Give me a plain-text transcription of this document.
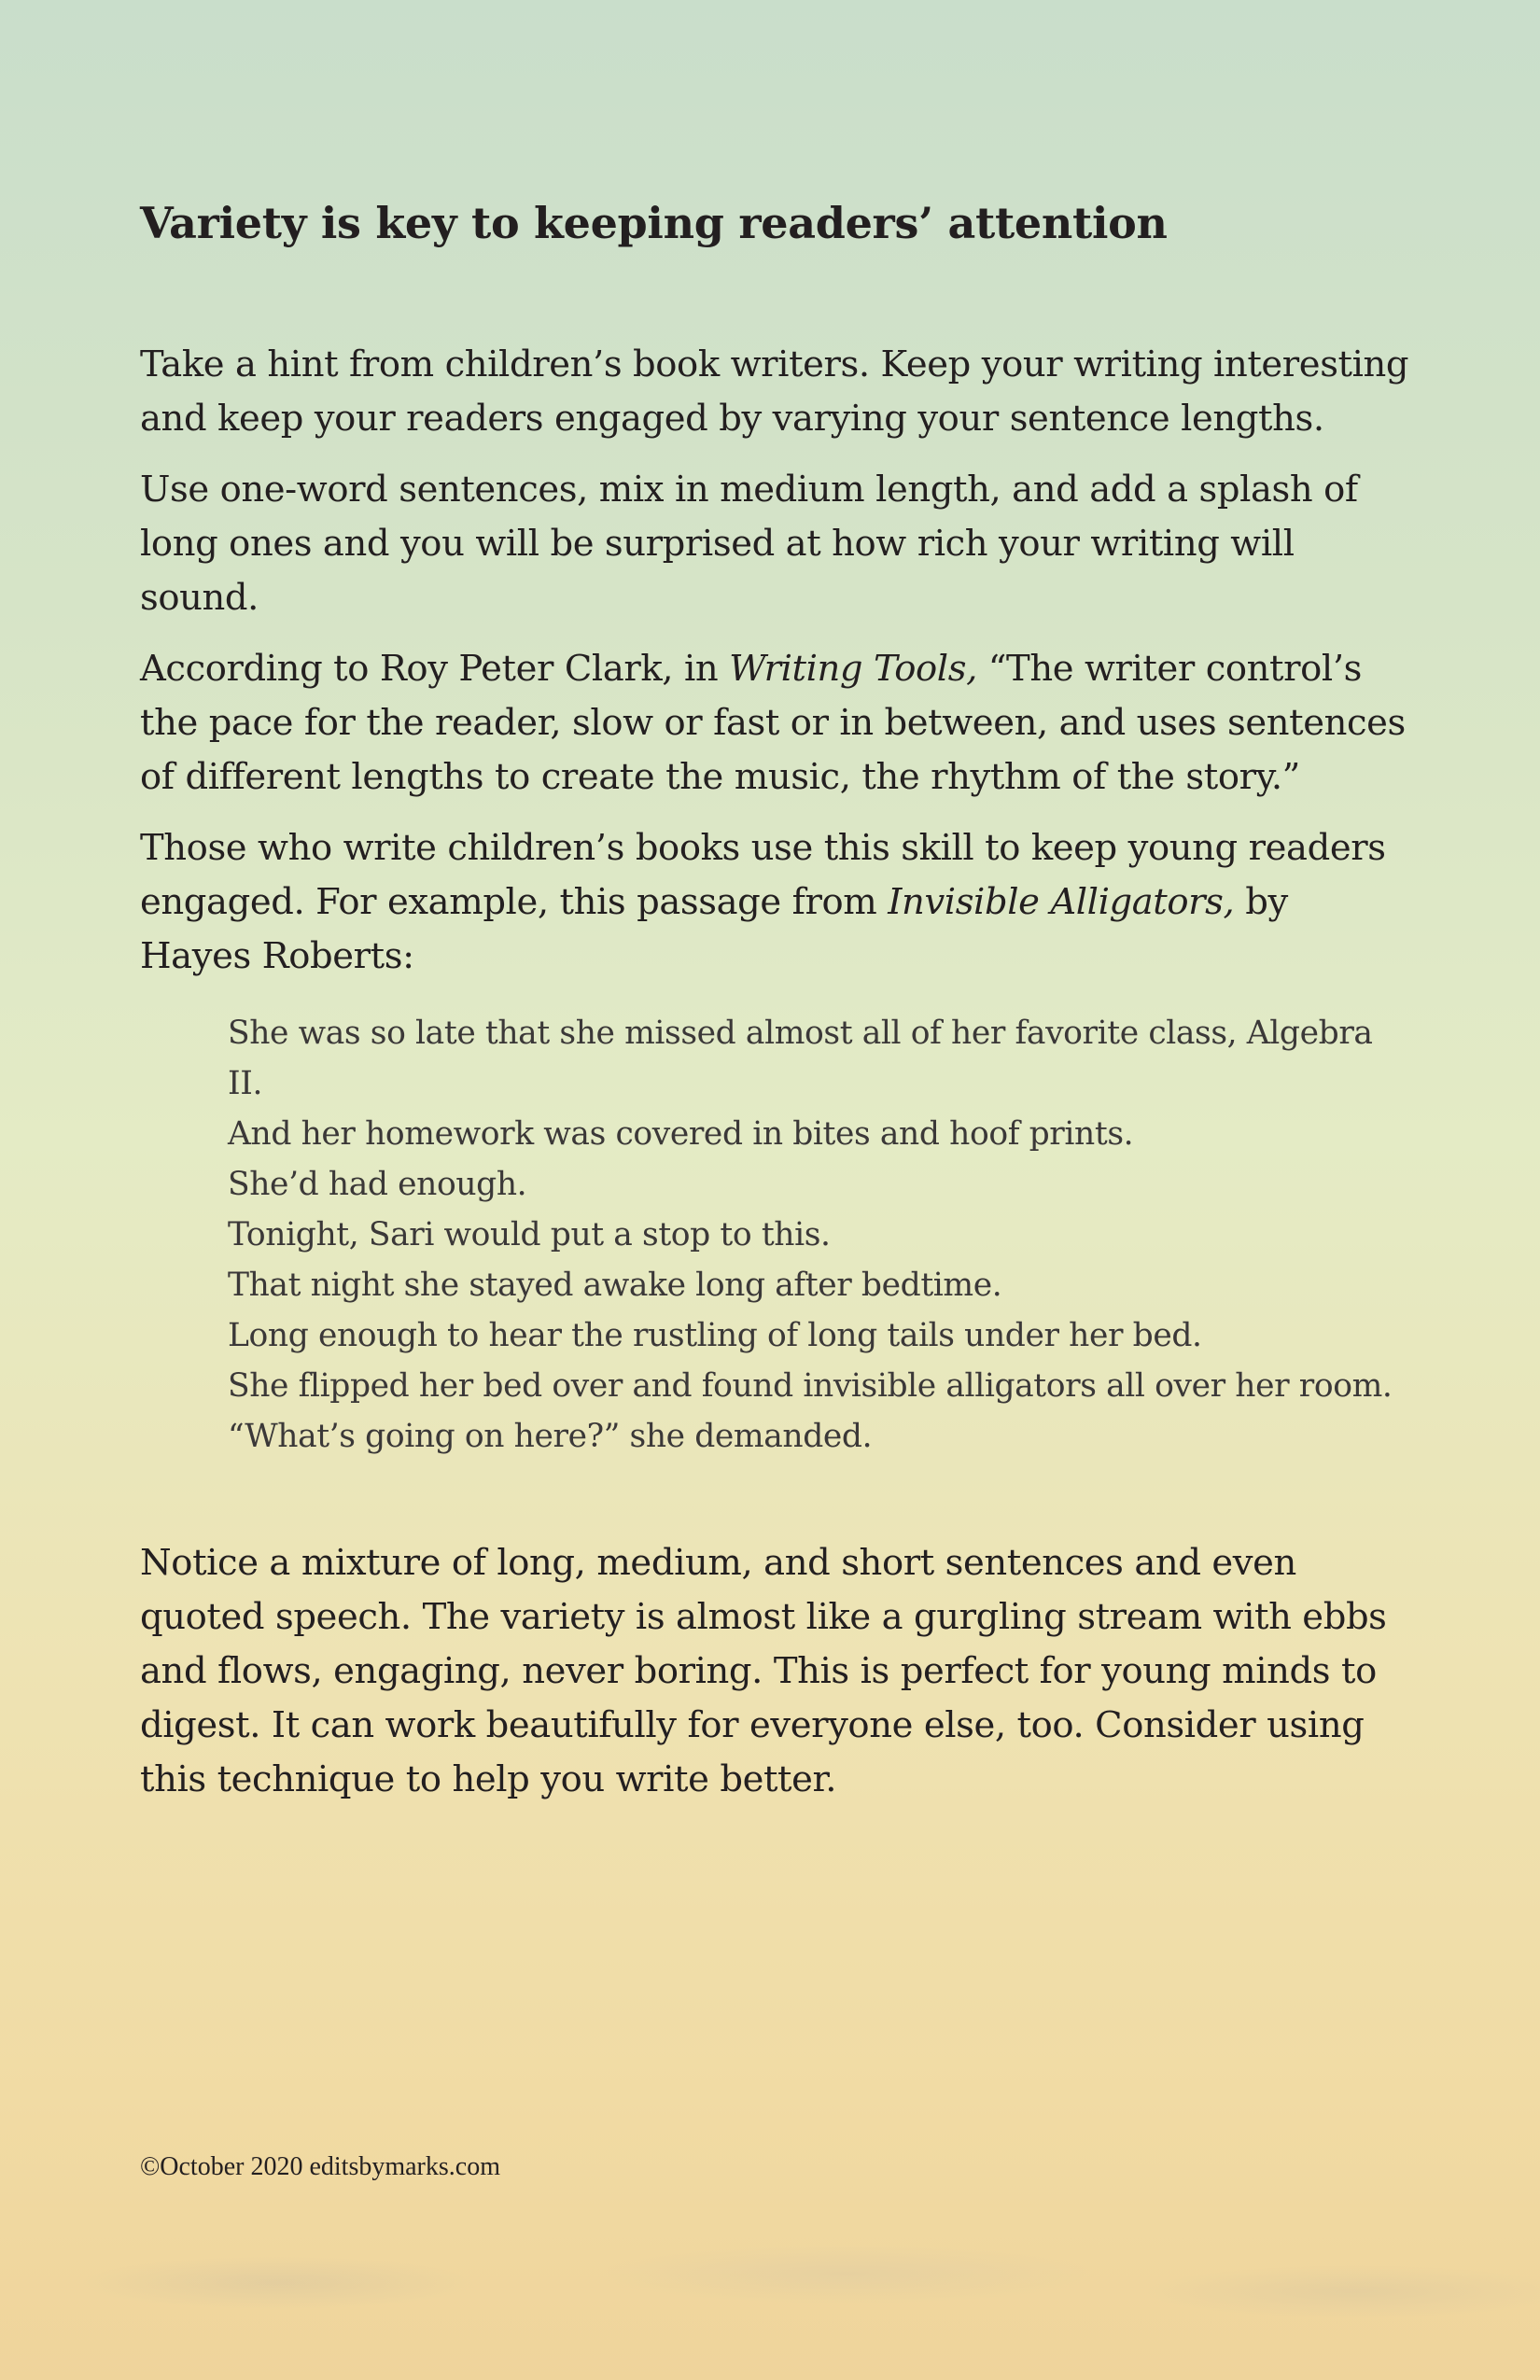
Variety is key to keeping readers’ attention

Take a hint from children’s book writers. Keep your writing interesting and keep your readers engaged by varying your sentence lengths.

Use one-word sentences, mix in medium length, and add a splash of long ones and you will be surprised at how rich your writing will sound.

According to Roy Peter Clark, in Writing Tools, “The writer control’s the pace for the reader, slow or fast or in between, and uses sentences of different lengths to create the music, the rhythm of the story.”

Those who write children’s books use this skill to keep young readers engaged. For example, this passage from Invisible Alligators, by Hayes Roberts:

She was so late that she missed almost all of her favorite class, Algebra II.
And her homework was covered in bites and hoof prints.
She’d had enough.
Tonight, Sari would put a stop to this.
That night she stayed awake long after bedtime.
Long enough to hear the rustling of long tails under her bed.
She flipped her bed over and found invisible alligators all over her room.
“What’s going on here?” she demanded.

Notice a mixture of long, medium, and short sentences and even quoted speech. The variety is almost like a gurgling stream with ebbs and flows, engaging, never boring. This is perfect for young minds to digest. It can work beautifully for everyone else, too. Consider using this technique to help you write better.

©October 2020 editsbymarks.com
